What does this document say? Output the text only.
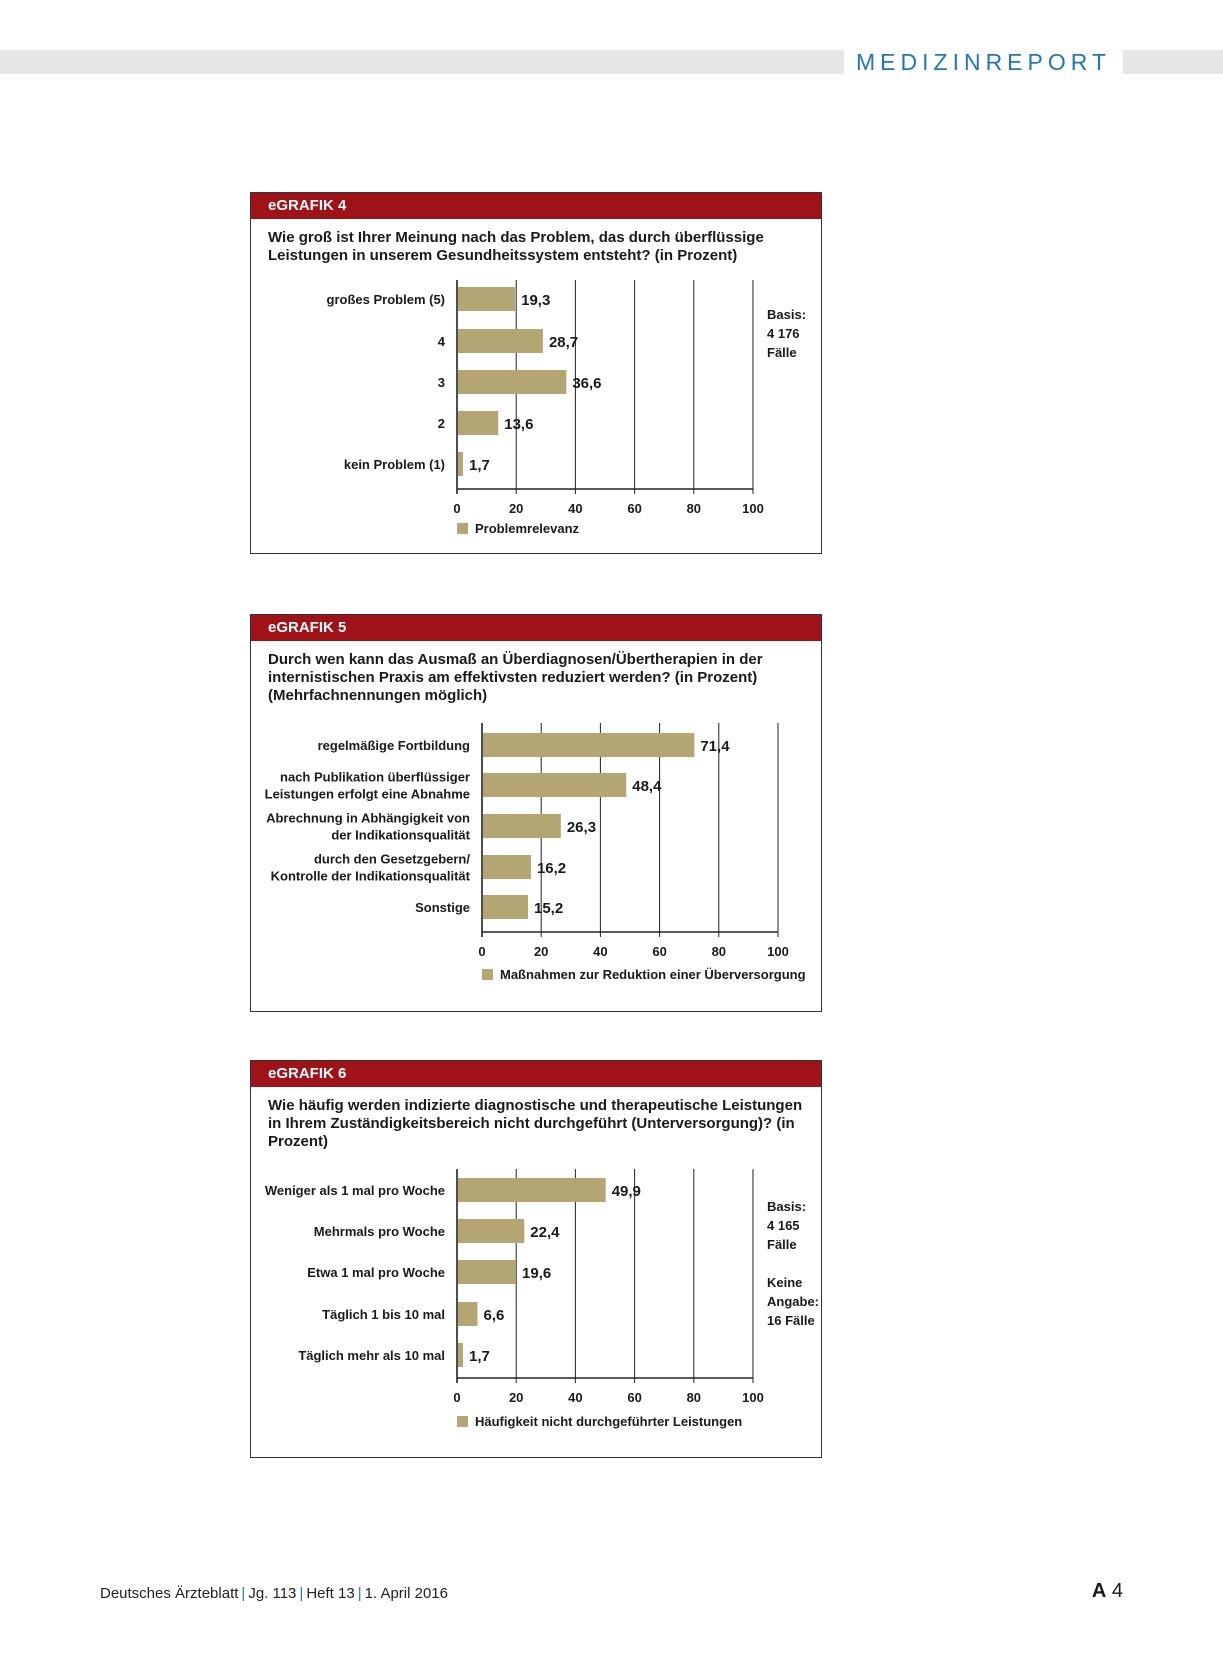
MEDIZINREPORT
eGRAFIK 4
Wie groß ist Ihrer Meinung nach das Problem, das durch überflüssige Leistungen in unserem Gesundheitssystem entsteht? (in Prozent)
0	20	40	60	80	100
19,3
großes Problem (5)
28,7
4
36,6
3
13,6
2
1,7
kein Problem (1)
Problemrelevanz
Basis:
4 176
Fälle
eGRAFIK 5
Durch wen kann das Ausmaß an Überdiagnosen/Übertherapien in der internistischen Praxis am effektivsten reduziert werden? (in Prozent) (Mehrfachnennungen möglich)
0	20	40	60	80	100
71,4
regelmäßige Fortbildung
48,4
nach Publikation überflüssiger
Leistungen erfolgt eine Abnahme
26,3
Abrechnung in Abhängigkeit von
der Indikationsqualität
16,2
durch den Gesetzgebern/
Kontrolle der Indikationsqualität
15,2
Sonstige
Maßnahmen zur Reduktion einer Überversorgung
eGRAFIK 6
Wie häufig werden indizierte diagnostische und therapeutische Leistungen in Ihrem Zuständigkeitsbereich nicht durchgeführt (Unterversorgung)? (in Prozent)
0	20	40	60	80	100
49,9
Weniger als 1 mal pro Woche
22,4
Mehrmals pro Woche
19,6
Etwa 1 mal pro Woche
6,6
Täglich 1 bis 10 mal
1,7
Täglich mehr als 10 mal
Häufigkeit nicht durchgeführter Leistungen
Basis:
4 165
Fälle
Keine
Angabe:
16 Fälle
Deutsches Ärzteblatt | Jg. 113 | Heft 13 | 1. April 2016	A 4
